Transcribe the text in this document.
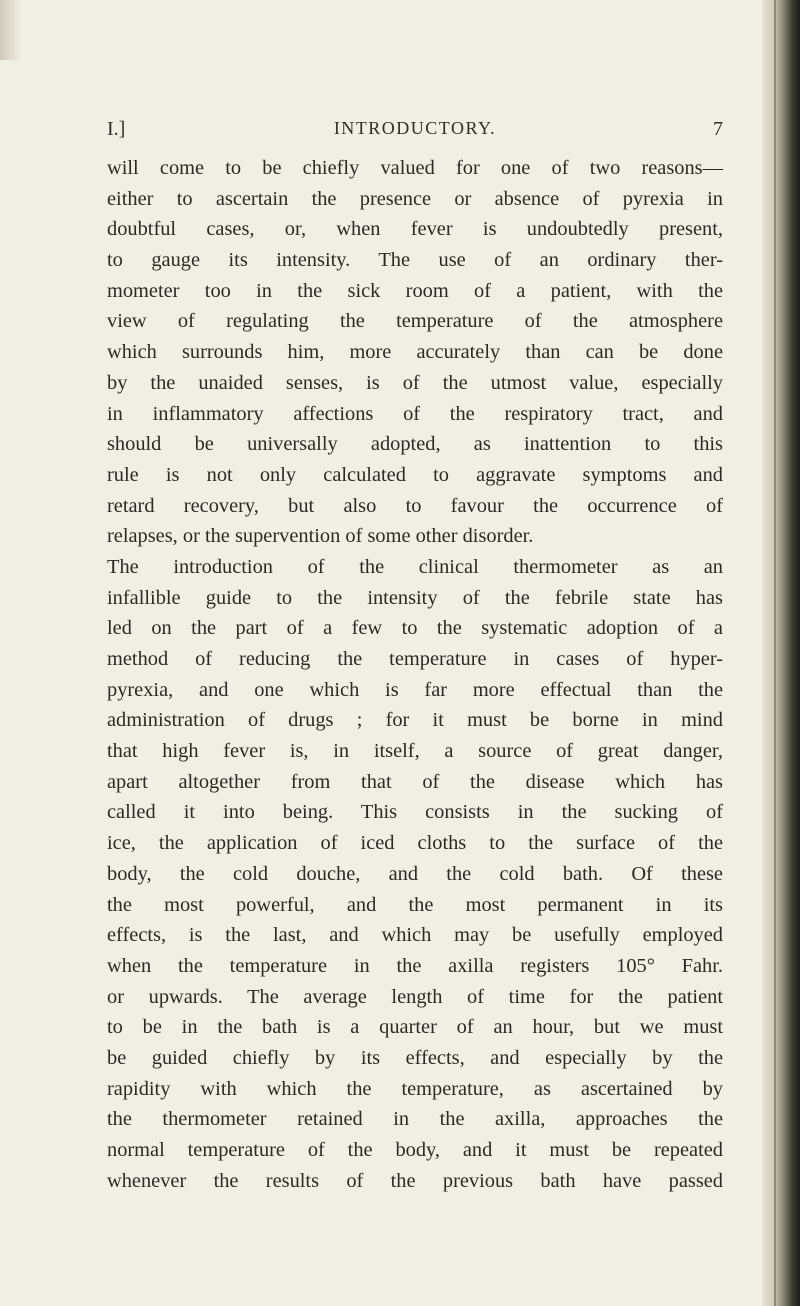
I.]	INTRODUCTORY.	7
will come to be chiefly valued for one of two reasons—
either to ascertain the presence or absence of pyrexia in
doubtful cases, or, when fever is undoubtedly present,
to gauge its intensity. The use of an ordinary ther-
mometer too in the sick room of a patient, with the
view of regulating the temperature of the atmosphere
which surrounds him, more accurately than can be done
by the unaided senses, is of the utmost value, especially
in inflammatory affections of the respiratory tract, and
should be universally adopted, as inattention to this
rule is not only calculated to aggravate symptoms and
retard recovery, but also to favour the occurrence of
relapses, or the supervention of some other disorder.
The introduction of the clinical thermometer as an
infallible guide to the intensity of the febrile state has
led on the part of a few to the systematic adoption of a
method of reducing the temperature in cases of hyper-
pyrexia, and one which is far more effectual than the
administration of drugs ; for it must be borne in mind
that high fever is, in itself, a source of great danger,
apart altogether from that of the disease which has
called it into being. This consists in the sucking of
ice, the application of iced cloths to the surface of the
body, the cold douche, and the cold bath. Of these
the most powerful, and the most permanent in its
effects, is the last, and which may be usefully employed
when the temperature in the axilla registers 105° Fahr.
or upwards. The average length of time for the patient
to be in the bath is a quarter of an hour, but we must
be guided chiefly by its effects, and especially by the
rapidity with which the temperature, as ascertained by
the thermometer retained in the axilla, approaches the
normal temperature of the body, and it must be repeated
whenever the results of the previous bath have passed
